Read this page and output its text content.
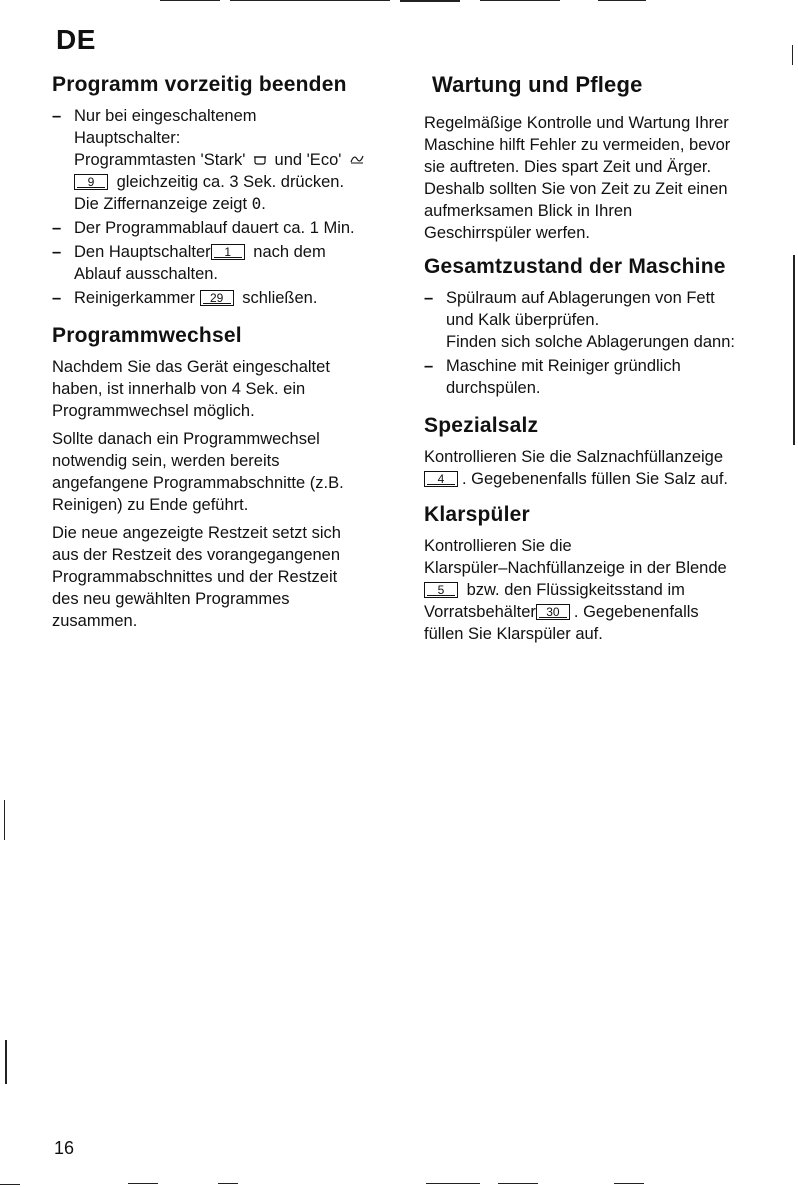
DE
Programm vorzeitig beenden
– Nur bei eingeschaltenem
Hauptschalter:
Programmtasten 'Stark' und 'Eco'
9 gleichzeitig ca. 3 Sek. drücken.
Die Ziffernanzeige zeigt 0.
– Der Programmablauf dauert ca. 1 Min.
– Den Hauptschalter 1 nach dem
Ablauf ausschalten.
– Reinigerkammer 29 schließen.
Programmwechsel

Nachdem Sie das Gerät eingeschaltet
haben, ist innerhalb von 4 Sek. ein
Programmwechsel möglich.

Sollte danach ein Programmwechsel
notwendig sein, werden bereits
angefangene Programmabschnitte (z.B.
Reinigen) zu Ende geführt.

Die neue angezeigte Restzeit setzt sich
aus der Restzeit des vorangegangenen
Programmabschnittes und der Restzeit
des neu gewählten Programmes
zusammen.

Wartung und Pflege

Regelmäßige Kontrolle und Wartung Ihrer
Maschine hilft Fehler zu vermeiden, bevor
sie auftreten. Dies spart Zeit und Ärger.
Deshalb sollten Sie von Zeit zu Zeit einen
aufmerksamen Blick in Ihren
Geschirrspüler werfen.

Gesamtzustand der Maschine
– Spülraum auf Ablagerungen von Fett
und Kalk überprüfen.
Finden sich solche Ablagerungen dann:
– Maschine mit Reiniger gründlich
durchspülen.
Spezialsalz

Kontrollieren Sie die Salznachfüllanzeige
4 . Gegebenenfalls füllen Sie Salz auf.

Klarspüler

Kontrollieren Sie die
Klarspüler–Nachfüllanzeige in der Blende
5 bzw. den Flüssigkeitsstand im
Vorratsbehälter 30 . Gegebenenfalls
füllen Sie Klarspüler auf.

16
